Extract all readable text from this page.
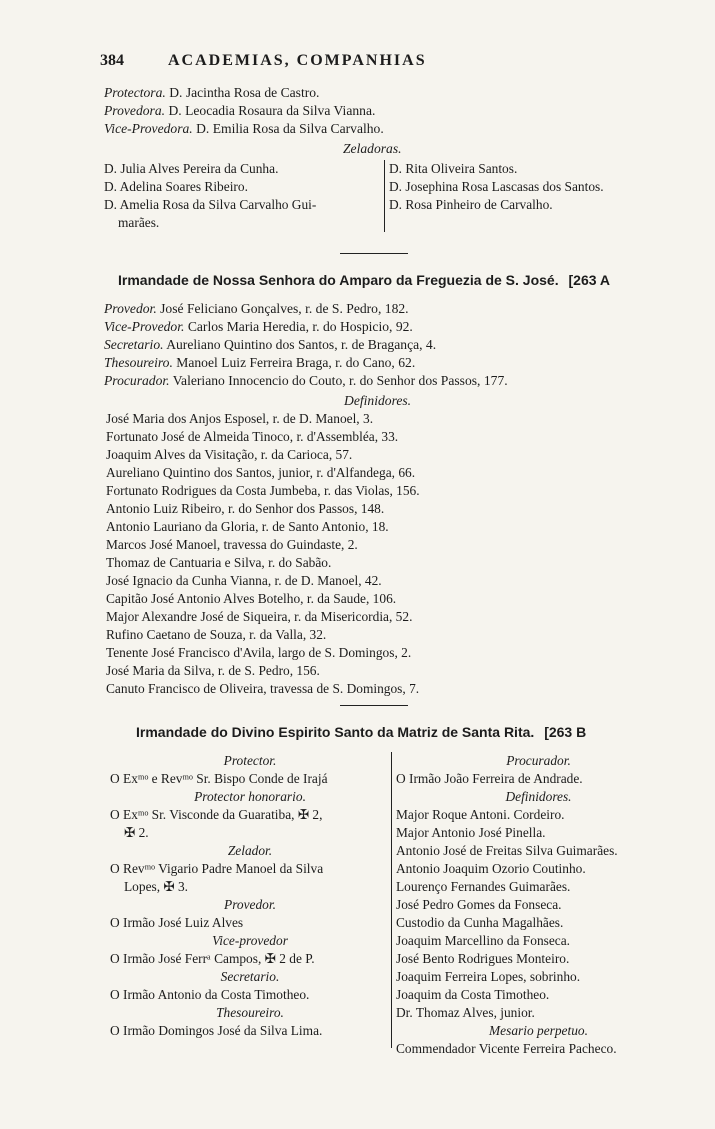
384	ACADEMIAS, COMPANHIAS
Protectora. D. Jacintha Rosa de Castro.
Provedora. D. Leocadia Rosaura da Silva Vianna.
Vice-Provedora. D. Emilia Rosa da Silva Carvalho.
Zeladoras.
D. Julia Alves Pereira da Cunha.
D. Adelina Soares Ribeiro.
D. Amelia Rosa da Silva Carvalho Gui-
marães.
D. Rita Oliveira Santos.
D. Josephina Rosa Lascasas dos Santos.
D. Rosa Pinheiro de Carvalho.
Irmandade de Nossa Senhora do Amparo da Freguezia de S. José. [263 A
Provedor. José Feliciano Gonçalves, r. de S. Pedro, 182.
Vice-Provedor. Carlos Maria Heredia, r. do Hospicio, 92.
Secretario. Aureliano Quintino dos Santos, r. de Bragança, 4.
Thesoureiro. Manoel Luiz Ferreira Braga, r. do Cano, 62.
Procurador. Valeriano Innocencio do Couto, r. do Senhor dos Passos, 177.
Definidores.
José Maria dos Anjos Esposel, r. de D. Manoel, 3.
Fortunato José de Almeida Tinoco, r. d'Assembléa, 33.
Joaquim Alves da Visitação, r. da Carioca, 57.
Aureliano Quintino dos Santos, junior, r. d'Alfandega, 66.
Fortunato Rodrigues da Costa Jumbeba, r. das Violas, 156.
Antonio Luiz Ribeiro, r. do Senhor dos Passos, 148.
Antonio Lauriano da Gloria, r. de Santo Antonio, 18.
Marcos José Manoel, travessa do Guindaste, 2.
Thomaz de Cantuaria e Silva, r. do Sabão.
José Ignacio da Cunha Vianna, r. de D. Manoel, 42.
Capitão José Antonio Alves Botelho, r. da Saude, 106.
Major Alexandre José de Siqueira, r. da Misericordia, 52.
Rufino Caetano de Souza, r. da Valla, 32.
Tenente José Francisco d'Avila, largo de S. Domingos, 2.
José Maria da Silva, r. de S. Pedro, 156.
Canuto Francisco de Oliveira, travessa de S. Domingos, 7.
Irmandade do Divino Espirito Santo da Matriz de Santa Rita. [263 B
Protector.
O Exᵐᵒ e Revᵐᵒ Sr. Bispo Conde de Irajá
Protector honorario.
O Exᵐᵒ Sr. Visconde da Guaratiba, ✠ 2,
✠ 2.
Zelador.
O Revᵐᵒ Vigario Padre Manoel da Silva
Lopes, ✠ 3.
Provedor.
O Irmão José Luiz Alves
Vice-provedor
O Irmão José Ferrᵃ Campos, ✠ 2 de P.
Secretario.
O Irmão Antonio da Costa Timotheo.
Thesoureiro.
O Irmão Domingos José da Silva Lima.
Procurador.
O Irmão João Ferreira de Andrade.
Definidores.
Major Roque Antoni. Cordeiro.
Major Antonio José Pinella.
Antonio José de Freitas Silva Guimarães.
Antonio Joaquim Ozorio Coutinho.
Lourenço Fernandes Guimarães.
José Pedro Gomes da Fonseca.
Custodio da Cunha Magalhães.
Joaquim Marcellino da Fonseca.
José Bento Rodrigues Monteiro.
Joaquim Ferreira Lopes, sobrinho.
Joaquim da Costa Timotheo.
Dr. Thomaz Alves, junior.
Mesario perpetuo.
Commendador Vicente Ferreira Pacheco.
